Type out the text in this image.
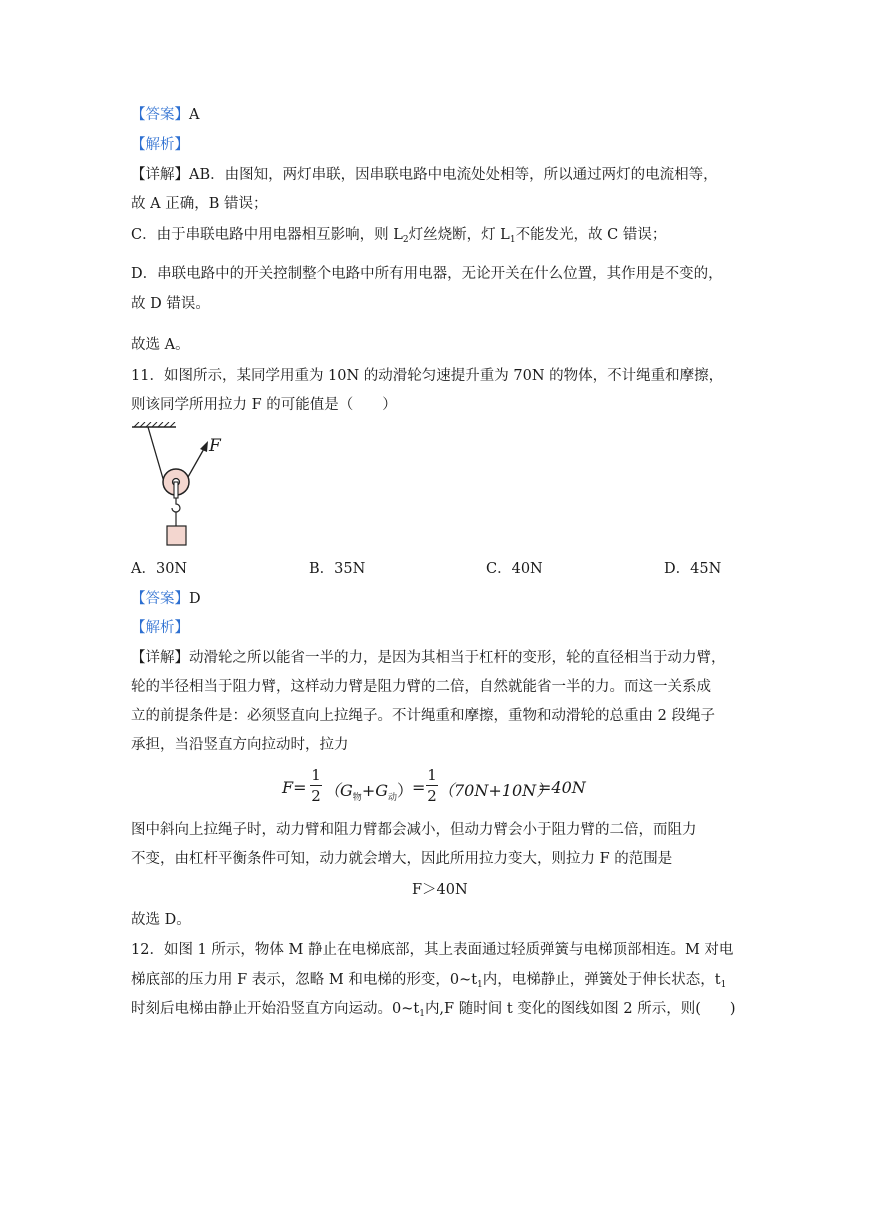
【答案】A
【解析】
【详解】AB．由图知，两灯串联，因串联电路中电流处处相等，所以通过两灯的电流相等，
故 A 正确，B 错误；
C．由于串联电路中用电器相互影响，则 $L_2$灯丝烧断，灯 $L_1$不能发光，故 C 错误；
D．串联电路中的开关控制整个电路中所有用电器，无论开关在什么位置，其作用是不变的，
故 D 错误。
故选 A。
11．如图所示，某同学用重为 10N 的动滑轮匀速提升重为 70N 的物体，不计绳重和摩擦，
则该同学所用拉力 F 的可能值是（　　）
F
A．30N	B．35N	C．40N	D．45N
【答案】D
【解析】
【详解】动滑轮之所以能省一半的力，是因为其相当于杠杆的变形，轮的直径相当于动力臂，
轮的半径相当于阻力臂，这样动力臂是阻力臂的二倍，自然就能省一半的力。而这一关系成
立的前提条件是：必须竖直向上拉绳子。不计绳重和摩擦，重物和动滑轮的总重由 2 段绳子
承担，当沿竖直方向拉动时，拉力
F=
1
2 $(G_物+G_动)$
=
1
2 （70N+10N）
=40N
图中斜向上拉绳子时，动力臂和阻力臂都会减小，但动力臂会小于阻力臂的二倍，而阻力
不变，由杠杆平衡条件可知，动力就会增大，因此所用拉力变大，则拉力 F 的范围是
F＞40N
故选 D。
12．如图 1 所示，物体 M 静止在电梯底部，其上表面通过轻质弹簧与电梯顶部相连。M 对电
梯底部的压力用 F 表示，忽略 M 和电梯的形变，$0\sim t_1$内，电梯静止，弹簧处于伸长状态，$t_1$
时刻后电梯由静止开始沿竖直方向运动。$0\sim t_1$内,F 随时间 t 变化的图线如图 2 所示，则(　　)
